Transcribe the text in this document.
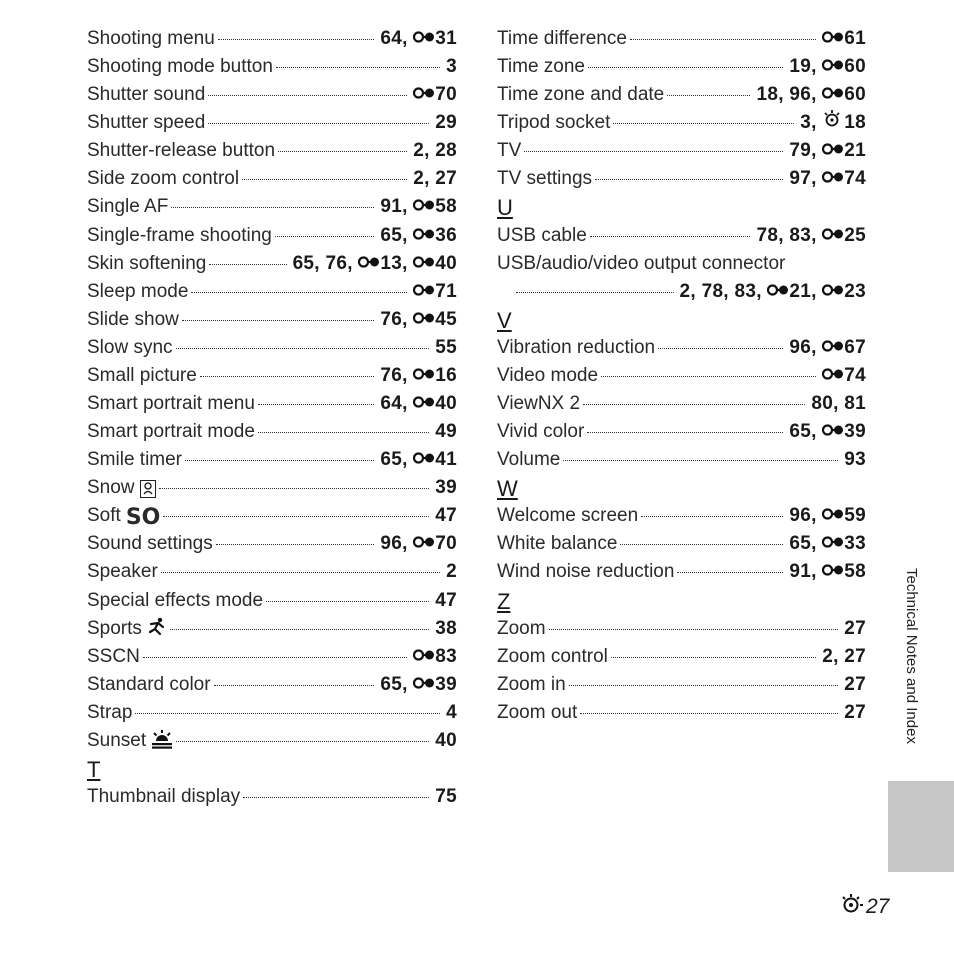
Shooting menu	64, 31
Shooting mode button	3
Shutter sound	70
Shutter speed	29
Shutter-release button	2, 28
Side zoom control	2, 27
Single AF	91, 58
Single-frame shooting	65, 36
Skin softening	65, 76, 13, 40
Sleep mode	71
Slide show	76, 45
Slow sync	55
Small picture	76, 16
Smart portrait menu	64, 40
Smart portrait mode	49
Smile timer	65, 41
Snow	39
Soft SO	47
Sound settings	96, 70
Speaker	2
Special effects mode	47
Sports	38
SSCN	83
Standard color	65, 39
Strap	4
Sunset	40
T
Thumbnail display	75
Time difference	61
Time zone	19, 60
Time zone and date	18, 96, 60
Tripod socket	3, 18
TV	79, 21
TV settings	97, 74
U
USB cable	78, 83, 25
USB/audio/video output connector
2, 78, 83, 21, 23
V
Vibration reduction	96, 67
Video mode	74
ViewNX 2	80, 81
Vivid color	65, 39
Volume	93
W
Welcome screen	96, 59
White balance	65, 33
Wind noise reduction	91, 58
Z
Zoom	27
Zoom control	2, 27
Zoom in	27
Zoom out	27	Technical Notes and Index
27
